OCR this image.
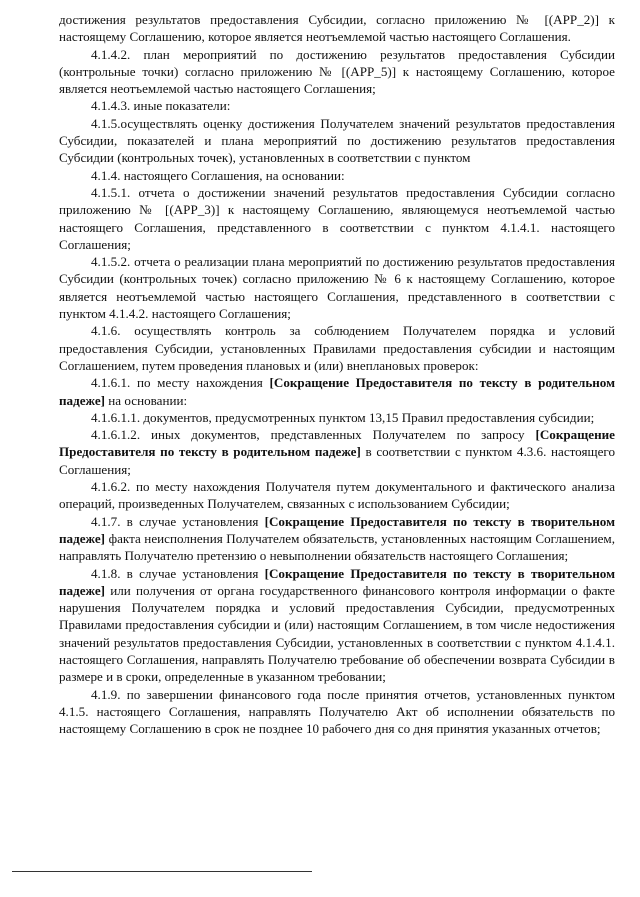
достижения результатов предоставления Субсидии, согласно приложению № [(APP_2)] к настоящему Соглашению, которое является неотъемлемой частью настоящего Соглашения.

4.1.4.2. план мероприятий по достижению результатов предоставления Субсидии (контрольные точки) согласно приложению № [(APP_5)] к настоящему Соглашению, которое является неотъемлемой частью настоящего Соглашения;

4.1.4.3. иные показатели:

4.1.5.осуществлять оценку достижения Получателем значений результатов предоставления Субсидии, показателей и плана мероприятий по достижению результатов предоставления Субсидии (контрольных точек), установленных в соответствии с пунктом

4.1.4. настоящего Соглашения, на основании:

4.1.5.1. отчета о достижении значений результатов предоставления Субсидии согласно приложению № [(APP_3)] к настоящему Соглашению, являющемуся неотъемлемой частью настоящего Соглашения, представленного в соответствии с пунктом 4.1.4.1. настоящего Соглашения;

4.1.5.2. отчета о реализации плана мероприятий по достижению результатов предоставления Субсидии (контрольных точек) согласно приложению № 6 к настоящему Соглашению, которое является неотъемлемой частью настоящего Соглашения, представленного в соответствии с пунктом 4.1.4.2. настоящего Соглашения;

4.1.6. осуществлять контроль за соблюдением Получателем порядка и условий предоставления Субсидии, установленных Правилами предоставления субсидии и настоящим Соглашением, путем проведения плановых и (или) внеплановых проверок:

4.1.6.1. по месту нахождения [Сокращение Предоставителя по тексту в родительном падеже] на основании:

4.1.6.1.1. документов, предусмотренных пунктом 13,15 Правил предоставления субсидии;

4.1.6.1.2. иных документов, представленных Получателем по запросу [Сокращение Предоставителя по тексту в родительном падеже] в соответствии с пунктом 4.3.6. настоящего Соглашения;

4.1.6.2. по месту нахождения Получателя путем документального и фактического анализа операций, произведенных Получателем, связанных с использованием Субсидии;

4.1.7. в случае установления [Сокращение Предоставителя по тексту в творительном падеже] факта неисполнения Получателем обязательств, установленных настоящим Соглашением, направлять Получателю претензию о невыполнении обязательств настоящего Соглашения;

4.1.8. в случае установления [Сокращение Предоставителя по тексту в творительном падеже] или получения от органа государственного финансового контроля информации о факте нарушения Получателем порядка и условий предоставления Субсидии, предусмотренных Правилами предоставления субсидии и (или) настоящим Соглашением, в том числе недостижения значений результатов предоставления Субсидии, установленных в соответствии с пунктом 4.1.4.1. настоящего Соглашения, направлять Получателю требование об обеспечении возврата Субсидии в размере и в сроки, определенные в указанном требовании;

4.1.9. по завершении финансового года после принятия отчетов, установленных пунктом 4.1.5. настоящего Соглашения, направлять Получателю Акт об исполнении обязательств по настоящему Соглашению в срок не позднее 10 рабочего дня со дня принятия указанных отчетов;
